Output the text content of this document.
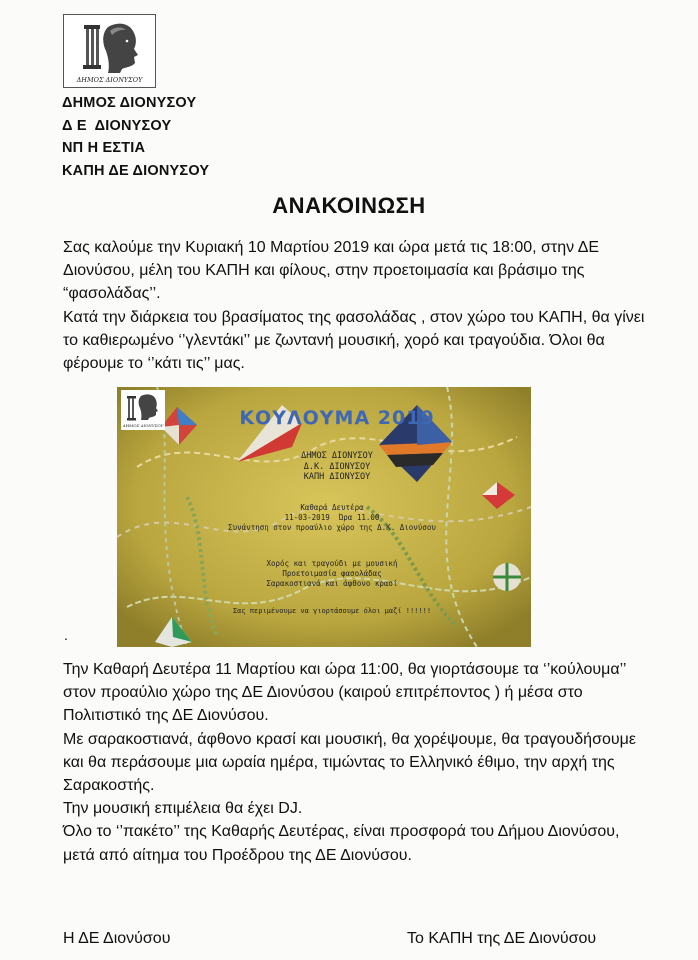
ΔΗΜΟΣ ΔΙΟΝΥΣΟΥ
ΔΗΜΟΣ ΔΙΟΝΥΣΟΥ
Δ Ε  ΔΙΟΝΥΣΟΥ
ΝΠ Η ΕΣΤΙΑ
ΚΑΠΗ ΔΕ ΔΙΟΝΥΣΟΥ
ΑΝΑΚΟΙΝΩΣΗ

Σας καλούμε την Κυριακή 10 Μαρτίου 2019 και ώρα μετά τις 18:00, στην ΔΕ Διονύσου, μέλη του ΚΑΠΗ και φίλους, στην προετοιμασία και βράσιμο της “φασολάδας’’.

Κατά την διάρκεια του βρασίματος της φασολάδας , στον χώρο του ΚΑΠΗ, θα γίνει το καθιερωμένο ‘’γλεντάκι’’ με ζωντανή μουσική, χορό και τραγούδια. Όλοι θα φέρουμε το ‘’κάτι τις’’ μας.

ΔΗΜΟΣ ΔΙΟΝΥΣΟΥ	ΚΟΥΛΟΥΜΑ 2019
ΔΗΜΟΣ ΔΙΟΝΥΣΟΥ
Δ.Κ. ΔΙΟΝΥΣΟΥ
ΚΑΠΗ ΔΙΟΝΥΣΟΥ
Καθαρά Δευτέρα
11-03-2019  Ώρα 11.00
Συνάντηση στον προαύλιο χώρο της Δ.Κ. Διονύσου
Χορός και τραγούδι με μουσική
Προετοιμασία φασολάδας
Σαρακοστιανά και άφθονο κρασί
Σας περιμένουμε να γιορτάσουμε όλοι μαζί !!!!!!
.

Την Καθαρή Δευτέρα 11 Μαρτίου και ώρα 11:00, θα γιορτάσουμε τα ‘’κούλουμα’’ στον προαύλιο χώρο της ΔΕ Διονύσου (καιρού επιτρέποντος ) ή μέσα στο Πολιτιστικό της ΔΕ Διονύσου.

Με σαρακοστιανά, άφθονο κρασί και μουσική, θα χορέψουμε, θα τραγουδήσουμε και θα περάσουμε μια ωραία ημέρα, τιμώντας το Ελληνικό έθιμο, την αρχή της Σαρακοστής.

Την μουσική επιμέλεια θα έχει DJ.

Όλο το ‘’πακέτο’’ της Καθαρής Δευτέρας, είναι προσφορά του Δήμου Διονύσου, μετά από αίτημα του Προέδρου της ΔΕ Διονύσου.

Η ΔΕ Διονύσου	Το ΚΑΠΗ της ΔΕ Διονύσου
